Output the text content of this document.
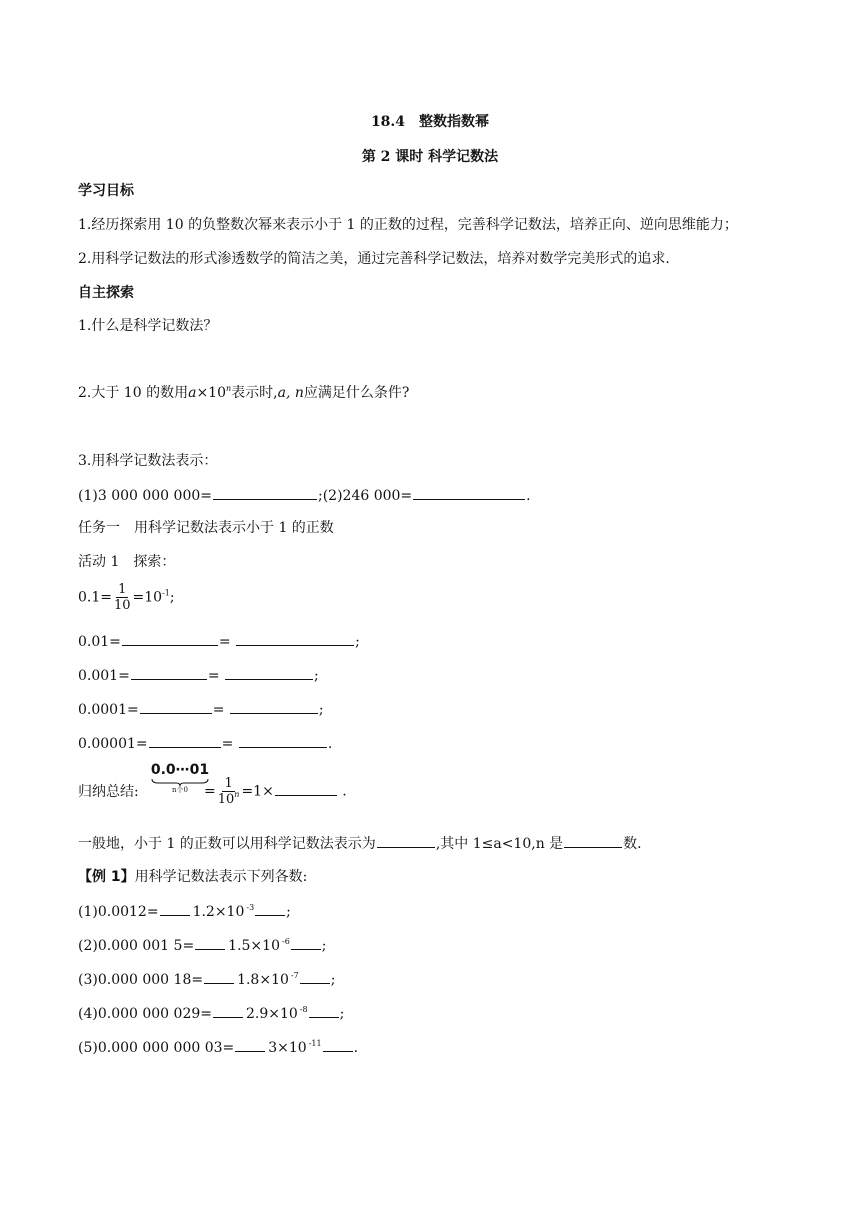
18.4　整数指数幂
第 2 课时 科学记数法
学习目标
1.经历探索用 10 的负整数次幂来表示小于 1 的正数的过程，完善科学记数法，培养正向、逆向思维能力；
2.用科学记数法的形式渗透数学的简洁之美，通过完善科学记数法，培养对数学完美形式的追求.
自主探索
1.什么是科学记数法？
2.大于 10 的数用$a\times 10^n$表示时,a, n应满足什么条件?
3.用科学记数法表示：
(1)3 000 000 000=	;(2)246 000=	.
任务一　用科学记数法表示小于 1 的正数
活动 1　探索：
$0.1= \frac{1}{10} =10^{-1}$;
0.01=	=	;
0.001=	=	;
0.0001=	=	;
0.00001=	=	.
归纳总结:
0.0⋯01
n个0	= $\frac{1}{10^n} =1\times$	.
一般地，小于 1 的正数可以用科学记数法表示为	,其中 1≤a<10,n 是	数.
【例 1】用科学记数法表示下列各数:
(1)0.0012= 1.2×10 $^{-3}$ ;
(2)0.000 001 5= 1.5×10 $^{-6}$ ;
(3)0.000 000 18= 1.8×10 $^{-7}$ ;
(4)0.000 000 029= 2.9×10 $^{-8}$ ;
(5)0.000 000 000 03= 3×10 $^{-11}$ .
